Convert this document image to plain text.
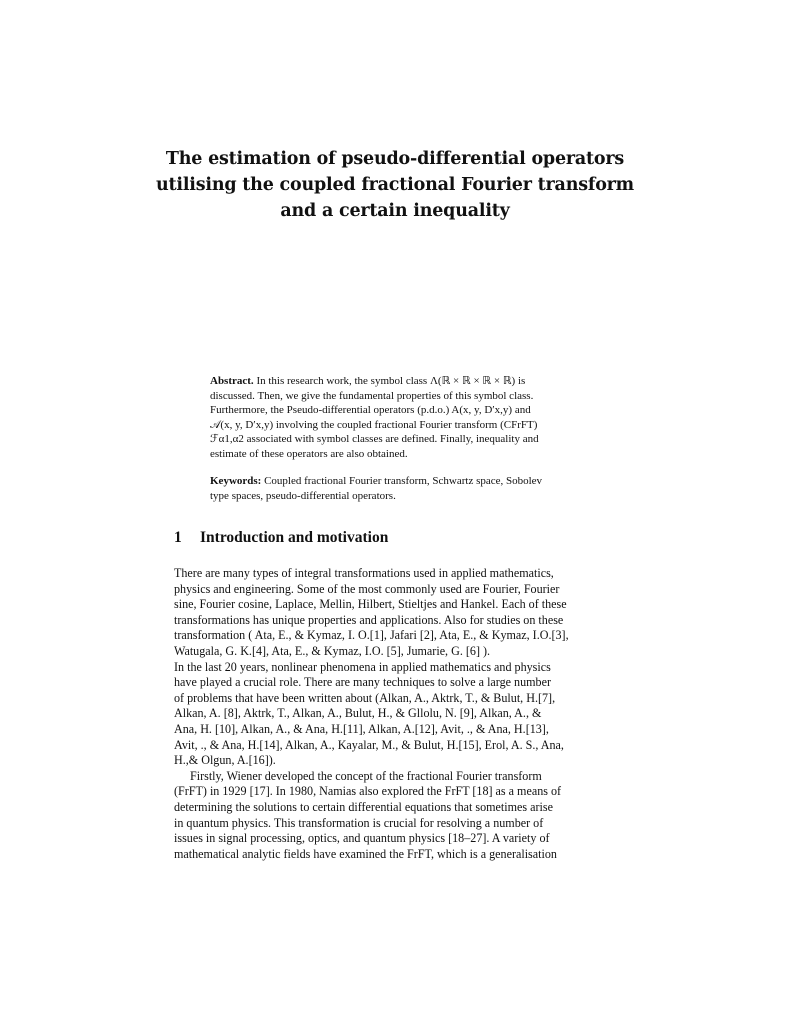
The estimation of pseudo-differential operators
utilising the coupled fractional Fourier transform
and a certain inequality
Abstract. In this research work, the symbol class Λ(ℝ × ℝ × ℝ × ℝ) is
discussed. Then, we give the fundamental properties of this symbol class.
Furthermore, the Pseudo-differential operators (p.d.o.) A(x, y, Dʹx,y) and
𝒜(x, y, Dʹx,y) involving the coupled fractional Fourier transform (CFrFT)
ℱα1,α2 associated with symbol classes are defined. Finally, inequality and
estimate of these operators are also obtained.
Keywords: Coupled fractional Fourier transform, Schwartz space, Sobolev
type spaces, pseudo-differential operators.
1 Introduction and motivation
There are many types of integral transformations used in applied mathematics,
physics and engineering. Some of the most commonly used are Fourier, Fourier
sine, Fourier cosine, Laplace, Mellin, Hilbert, Stieltjes and Hankel. Each of these
transformations has unique properties and applications. Also for studies on these
transformation ( Ata, E., & Kymaz, I. O.[1], Jafari [2], Ata, E., & Kymaz, I.O.[3],
Watugala, G. K.[4], Ata, E., & Kymaz, I.O. [5], Jumarie, G. [6] ).
In the last 20 years, nonlinear phenomena in applied mathematics and physics
have played a crucial role. There are many techniques to solve a large number
of problems that have been written about (Alkan, A., Aktrk, T., & Bulut, H.[7],
Alkan, A. [8], Aktrk, T., Alkan, A., Bulut, H., & Gllolu, N. [9], Alkan, A., &
Ana, H. [10], Alkan, A., & Ana, H.[11], Alkan, A.[12], Avit, ., & Ana, H.[13],
Avit, ., & Ana, H.[14], Alkan, A., Kayalar, M., & Bulut, H.[15], Erol, A. S., Ana,
H.,& Olgun, A.[16]).
Firstly, Wiener developed the concept of the fractional Fourier transform
(FrFT) in 1929 [17]. In 1980, Namias also explored the FrFT [18] as a means of
determining the solutions to certain differential equations that sometimes arise
in quantum physics. This transformation is crucial for resolving a number of
issues in signal processing, optics, and quantum physics [18–27]. A variety of
mathematical analytic fields have examined the FrFT, which is a generalisation
